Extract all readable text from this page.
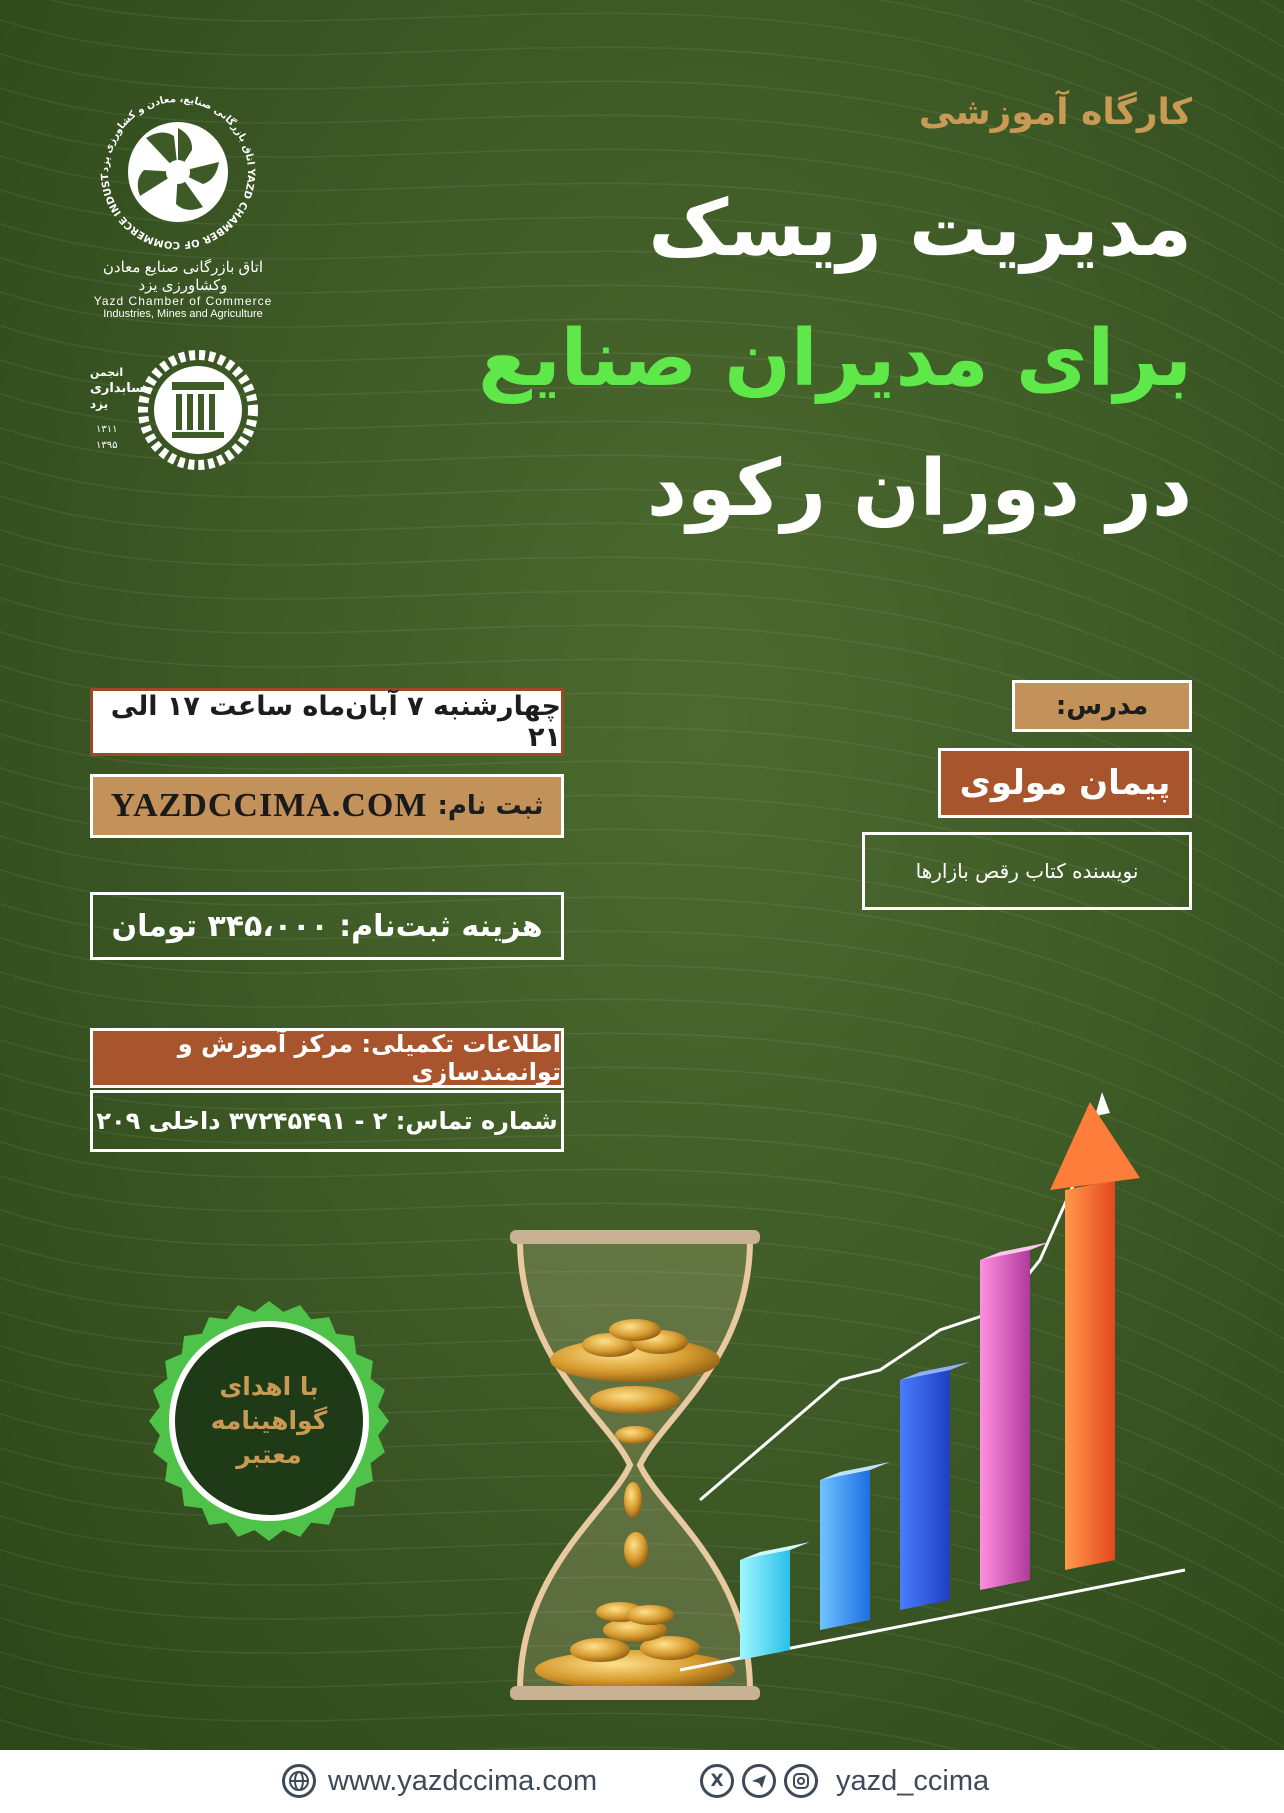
اتاق بازرگانی صنایع، معادن و کشاورزی یزد YAZD CHAMBER OF COMMERCE INDUST
اتاق بازرگانی صنایع معادن وکشاورزی یزد
Yazd Chamber of Commerce
Industries, Mines and Agriculture
انجمن
حسابداری
یزد
۱۳۱۱
۱۳۹۵
کارگاه آموزشی
مدیریت ریسک
برای مدیران صنایع
در دوران رکود
چهارشنبه ۷ آبان‌ماه ساعت ۱۷ الی ۲۱
ثبت نام:
YAZDCCIMA.COM
هزینه ثبت‌نام: ۳۴۵،۰۰۰ تومان
اطلاعات تکمیلی: مرکز آموزش و توانمندسازی
شماره تماس: ۲ - ۳۷۲۴۵۴۹۱ داخلی ۲۰۹
مدرس:
پیمان مولوی
نویسنده کتاب رقص بازارها
با اهدای
گواهینامه
معتبر
www.yazdccima.com	X	yazd_ccima
